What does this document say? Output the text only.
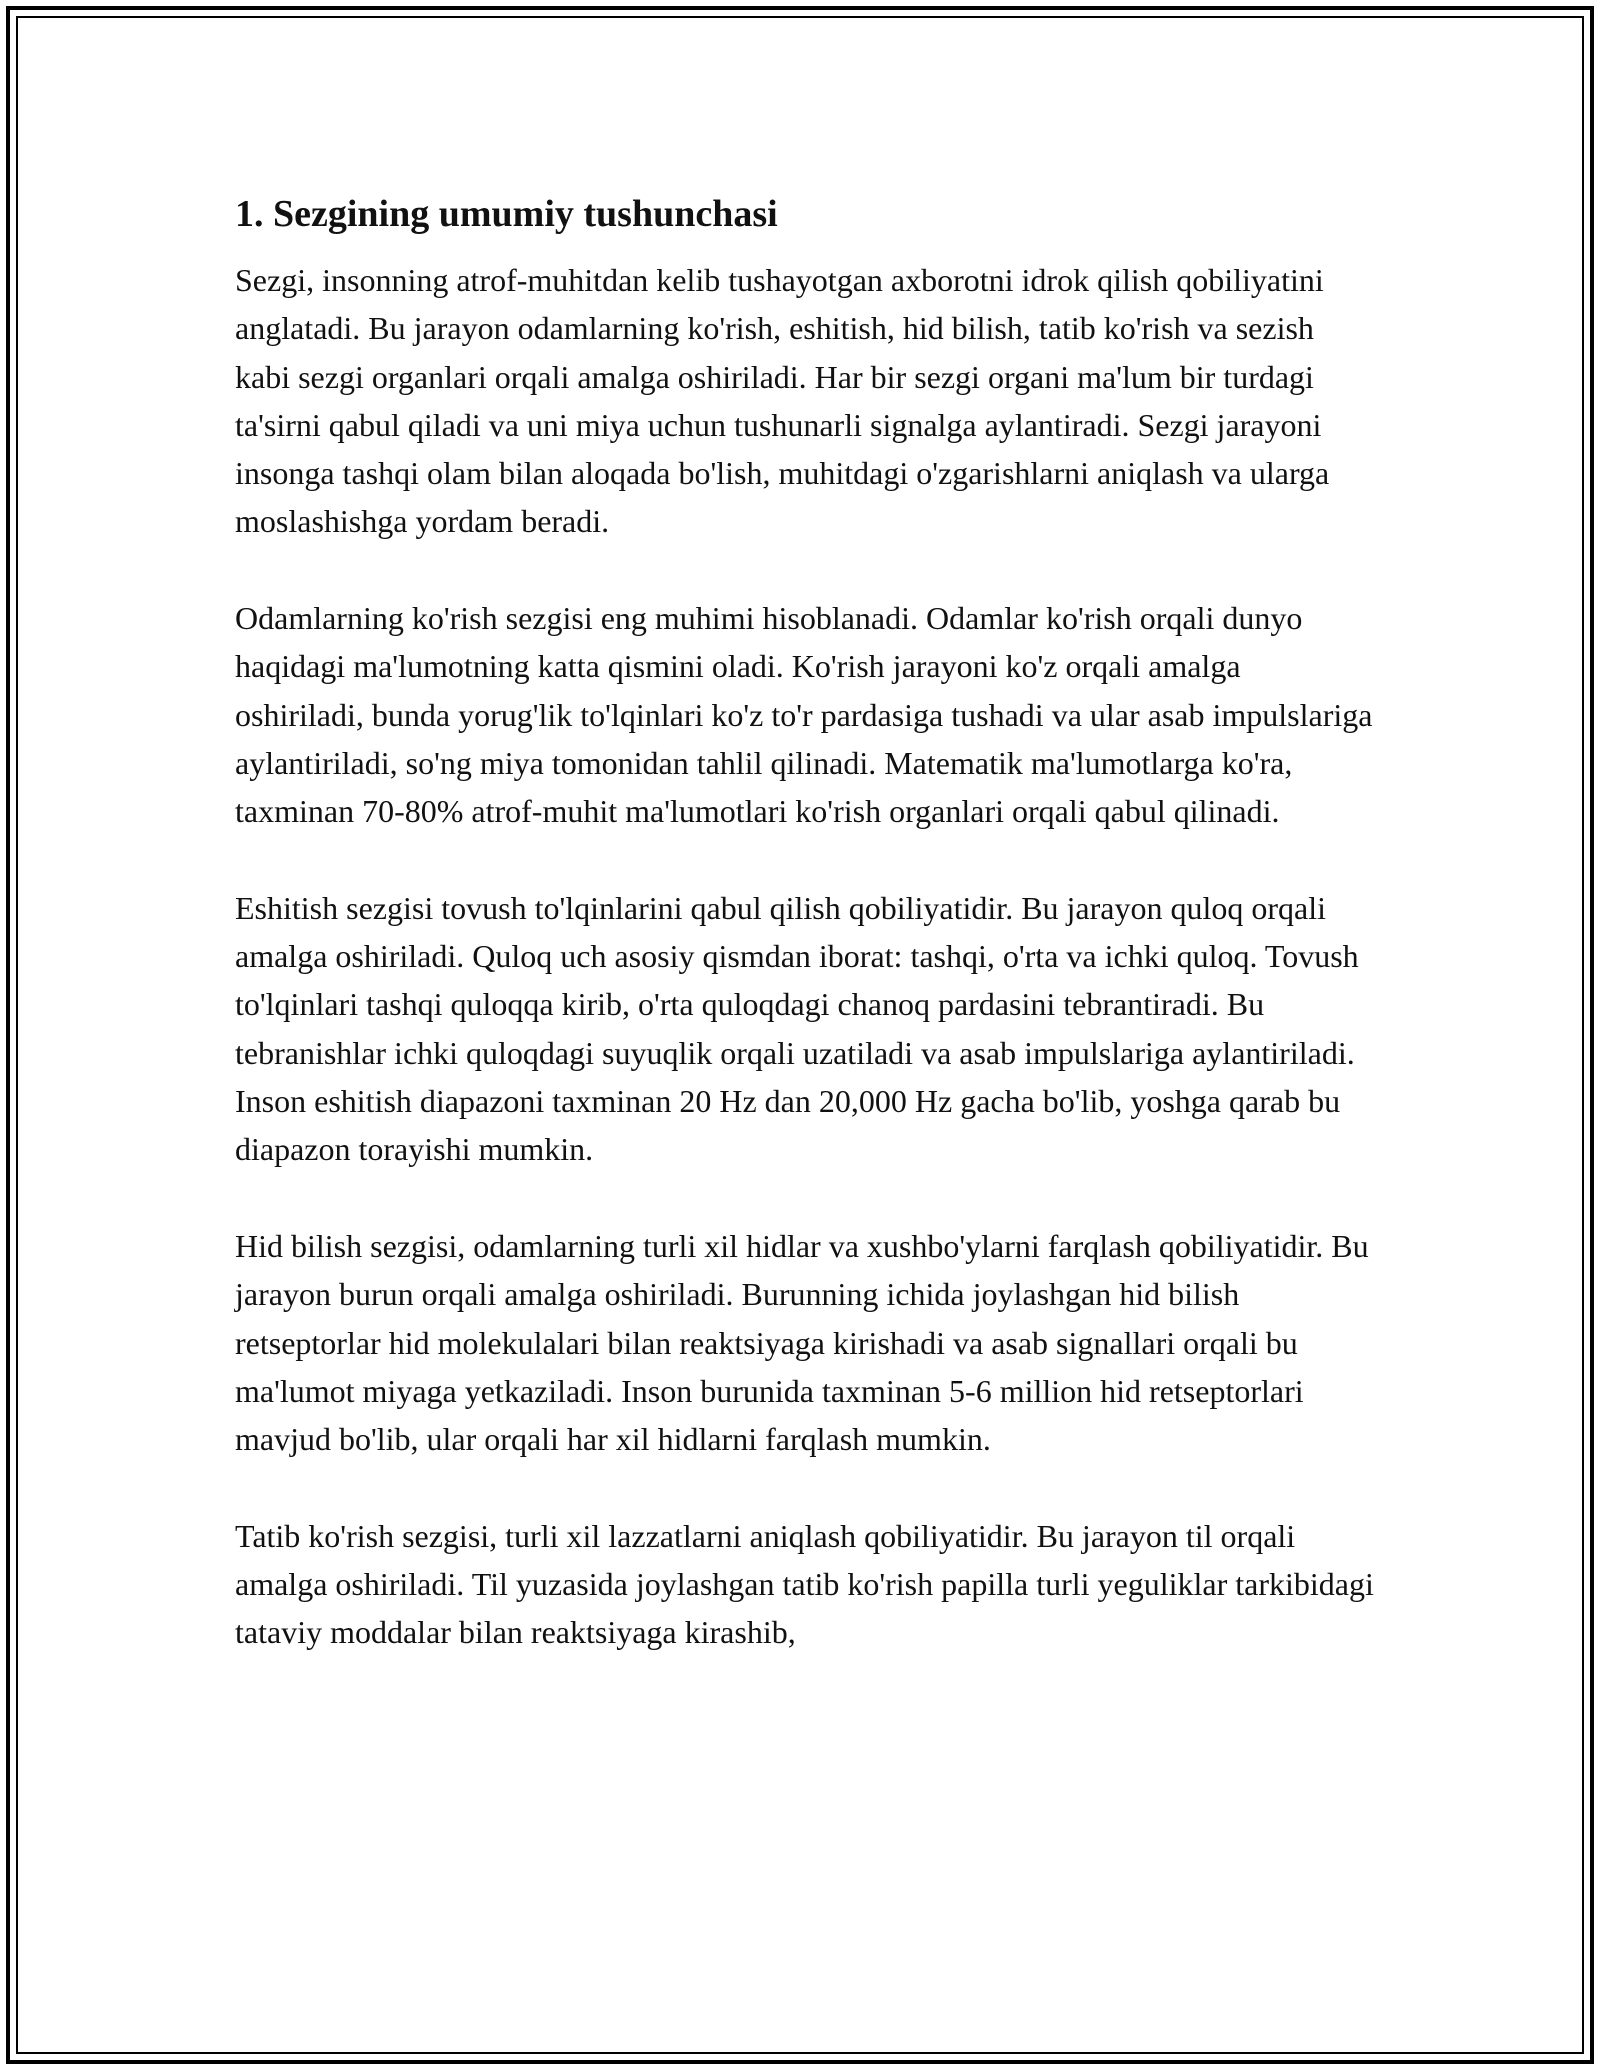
1. Sezgining umumiy tushunchasi

Sezgi, insonning atrof-muhitdan kelib tushayotgan axborotni idrok qilish qobiliyatini anglatadi. Bu jarayon odamlarning ko'rish, eshitish, hid bilish, tatib ko'rish va sezish kabi sezgi organlari orqali amalga oshiriladi. Har bir sezgi organi ma'lum bir turdagi ta'sirni qabul qiladi va uni miya uchun tushunarli signalga aylantiradi. Sezgi jarayoni insonga tashqi olam bilan aloqada bo'lish, muhitdagi o'zgarishlarni aniqlash va ularga moslashishga yordam beradi.

Odamlarning ko'rish sezgisi eng muhimi hisoblanadi. Odamlar ko'rish orqali dunyo haqidagi ma'lumotning katta qismini oladi. Ko'rish jarayoni ko'z orqali amalga oshiriladi, bunda yorug'lik to'lqinlari ko'z to'r pardasiga tushadi va ular asab impulslariga aylantiriladi, so'ng miya tomonidan tahlil qilinadi. Matematik ma'lumotlarga ko'ra, taxminan 70-80% atrof-muhit ma'lumotlari ko'rish organlari orqali qabul qilinadi.

Eshitish sezgisi tovush to'lqinlarini qabul qilish qobiliyatidir. Bu jarayon quloq orqali amalga oshiriladi. Quloq uch asosiy qismdan iborat: tashqi, o'rta va ichki quloq. Tovush to'lqinlari tashqi quloqqa kirib, o'rta quloqdagi chanoq pardasini tebrantiradi. Bu tebranishlar ichki quloqdagi suyuqlik orqali uzatiladi va asab impulslariga aylantiriladi. Inson eshitish diapazoni taxminan 20 Hz dan 20,000 Hz gacha bo'lib, yoshga qarab bu diapazon torayishi mumkin.

Hid bilish sezgisi, odamlarning turli xil hidlar va xushbo'ylarni farqlash qobiliyatidir. Bu jarayon burun orqali amalga oshiriladi. Burunning ichida joylashgan hid bilish retseptorlar hid molekulalari bilan reaktsiyaga kirishadi va asab signallari orqali bu ma'lumot miyaga yetkaziladi. Inson burunida taxminan 5-6 million hid retseptorlari mavjud bo'lib, ular orqali har xil hidlarni farqlash mumkin.

Tatib ko'rish sezgisi, turli xil lazzatlarni aniqlash qobiliyatidir. Bu jarayon til orqali amalga oshiriladi. Til yuzasida joylashgan tatib ko'rish papilla turli yeguliklar tarkibidagi tataviy moddalar bilan reaktsiyaga kirashib,
